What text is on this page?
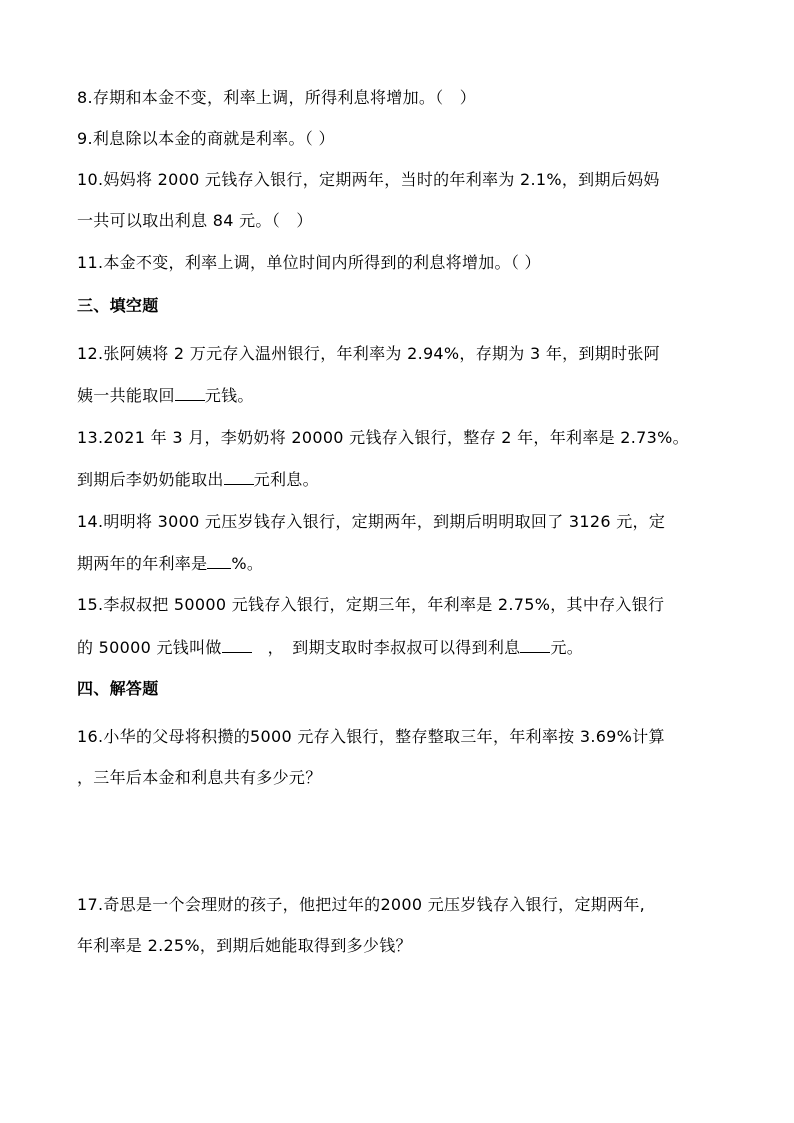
8.存期和本金不变，利率上调，所得利息将增加。（　）
9.利息除以本金的商就是利率。（ ）
10.妈妈将 2000 元钱存入银行，定期两年，当时的年利率为 2.1%，到期后妈妈
一共可以取出利息 84 元。（　）
11.本金不变，利率上调，单位时间内所得到的利息将增加。（ ）
三、填空题
12.张阿姨将 2 万元存入温州银行，年利率为 2.94%，存期为 3 年，到期时张阿
姨一共能取回 元钱。
13.2021 年 3 月，李奶奶将 20000 元钱存入银行，整存 2 年，年利率是 2.73%。
到期后李奶奶能取出 元利息。
14.明明将 3000 元压岁钱存入银行，定期两年，到期后明明取回了 3126 元，定
期两年的年利率是 %。
15.李叔叔把 50000 元钱存入银行，定期三年，年利率是 2.75%，其中存入银行
的 50000 元钱叫做	，　到期支取时李叔叔可以得到利息 元。
四、解答题
16.小华的父母将积攒的5000 元存入银行，整存整取三年，年利率按 3.69%计算
，三年后本金和利息共有多少元？
17.奇思是一个会理财的孩子，他把过年的2000 元压岁钱存入银行，定期两年,
年利率是 2.25%，到期后她能取得到多少钱？
